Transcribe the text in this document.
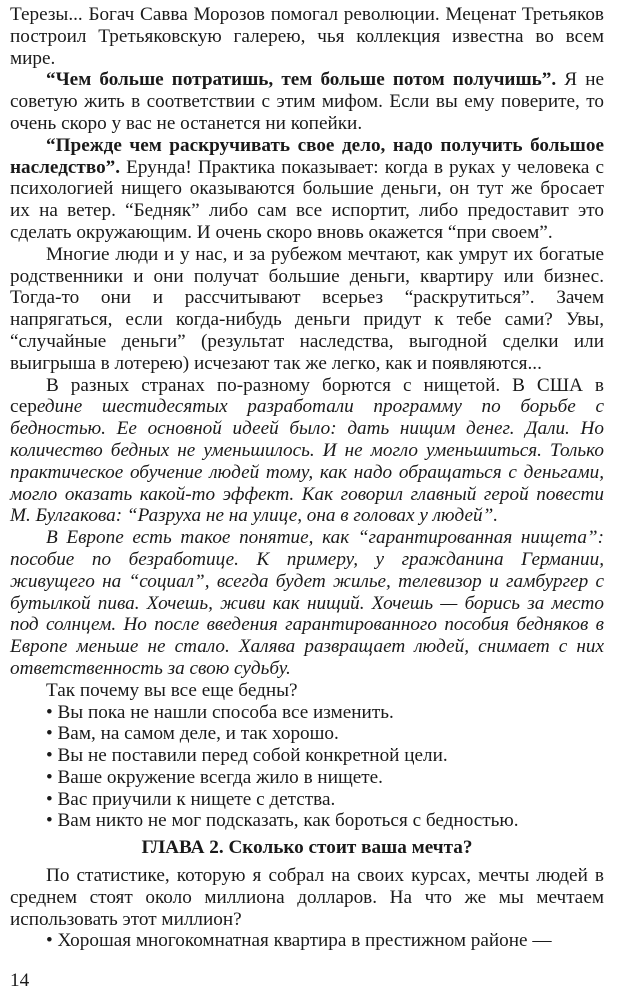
Терезы... Богач Савва Морозов помогал революции. Меценат Третьяков построил Третьяковскую галерею, чья коллекция известна во всем мире.

“Чем больше потратишь, тем больше потом получишь”. Я не советую жить в соответствии с этим мифом. Если вы ему поверите, то очень скоро у вас не останется ни копейки.

“Прежде чем раскручивать свое дело, надо получить большое наследство”. Ерунда! Практика показывает: когда в руках у человека с психологией нищего оказываются большие деньги, он тут же бросает их на ветер. “Бедняк” либо сам все испортит, либо предоставит это сделать окружающим. И очень скоро вновь окажется “при своем”.

Многие люди и у нас, и за рубежом мечтают, как умрут их богатые родственники и они получат большие деньги, квартиру или бизнес. Тогда-то они и рассчитывают всерьез “раскрутиться”. Зачем напрягаться, если когда-нибудь деньги придут к тебе сами? Увы, “случайные деньги” (результат наследства, выгодной сделки или выигрыша в лотерею) исчезают так же легко, как и появляются...

В разных странах по-разному борются с нищетой. В США в середине шестидесятых разработали программу по борьбе с бедностью. Ее основной идеей было: дать нищим денег. Дали. Но количество бедных не уменьшилось. И не могло уменьшиться. Только практическое обучение людей тому, как надо обращаться с деньгами, могло оказать какой-то эффект. Как говорил главный герой повести М. Булгакова: “Разруха не на улице, она в головах у людей”.

В Европе есть такое понятие, как “гарантированная нищета”: пособие по безработице. К примеру, у гражданина Германии, живущего на “социал”, всегда будет жилье, телевизор и гамбургер с бутылкой пива. Хочешь, живи как нищий. Хочешь — борись за место под солнцем. Но после введения гарантированного пособия бедняков в Европе меньше не стало. Халява развращает людей, снимает с них ответственность за свою судьбу.

Так почему вы все еще бедны?

• Вы пока не нашли способа все изменить.

• Вам, на самом деле, и так хорошо.

• Вы не поставили перед собой конкретной цели.

• Ваше окружение всегда жило в нищете.

• Вас приучили к нищете с детства.

• Вам никто не мог подсказать, как бороться с бедностью.

ГЛАВА 2. Сколько стоит ваша мечта?

По статистике, которую я собрал на своих курсах, мечты людей в среднем стоят около миллиона долларов. На что же мы мечтаем использовать этот миллион?

• Хорошая многокомнатная квартира в престижном районе —

14
